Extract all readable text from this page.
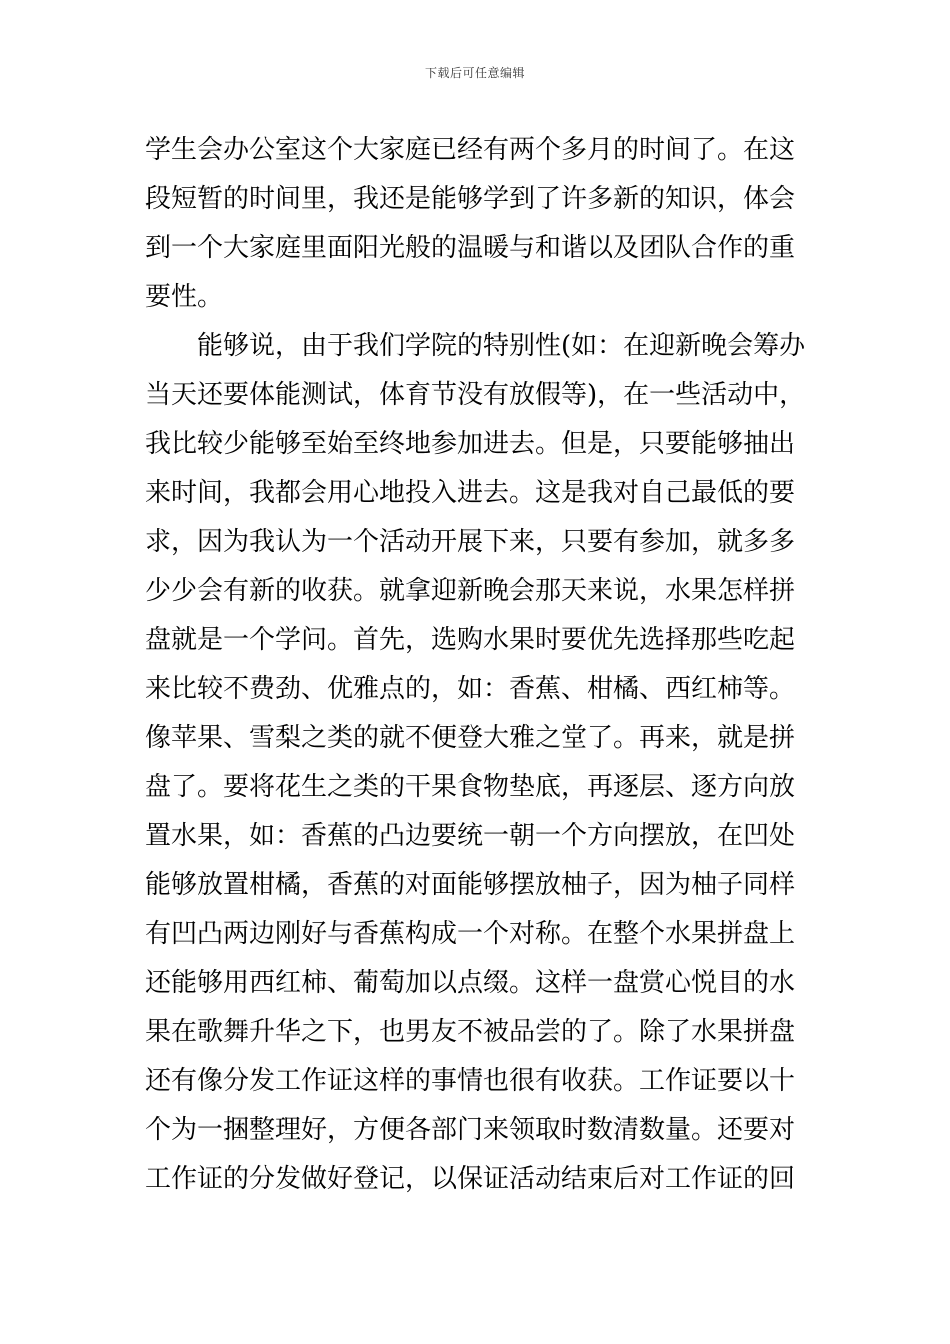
下载后可任意编辑
学生会办公室这个大家庭已经有两个多月的时间了。在这
段短暂的时间里，我还是能够学到了许多新的知识，体会
到一个大家庭里面阳光般的温暖与和谐以及团队合作的重
要性。
能够说，由于我们学院的特别性(如：在迎新晚会筹办
当天还要体能测试，体育节没有放假等)，在一些活动中，
我比较少能够至始至终地参加进去。但是，只要能够抽出
来时间，我都会用心地投入进去。这是我对自己最低的要
求，因为我认为一个活动开展下来，只要有参加，就多多
少少会有新的收获。就拿迎新晚会那天来说，水果怎样拼
盘就是一个学问。首先，选购水果时要优先选择那些吃起
来比较不费劲、优雅点的，如：香蕉、柑橘、西红柿等。
像苹果、雪梨之类的就不便登大雅之堂了。再来，就是拼
盘了。要将花生之类的干果食物垫底，再逐层、逐方向放
置水果，如：香蕉的凸边要统一朝一个方向摆放，在凹处
能够放置柑橘，香蕉的对面能够摆放柚子，因为柚子同样
有凹凸两边刚好与香蕉构成一个对称。在整个水果拼盘上
还能够用西红柿、葡萄加以点缀。这样一盘赏心悦目的水
果在歌舞升华之下，也男友不被品尝的了。除了水果拼盘
还有像分发工作证这样的事情也很有收获。工作证要以十
个为一捆整理好，方便各部门来领取时数清数量。还要对
工作证的分发做好登记，以保证活动结束后对工作证的回
